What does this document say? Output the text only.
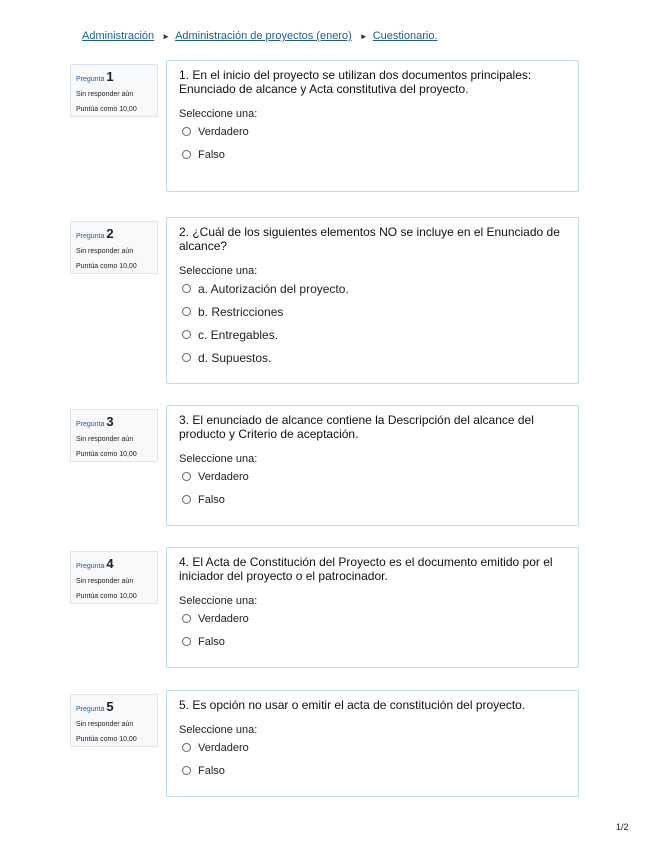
Administración ► Administración de proyectos (enero) ► Cuestionario.
Pregunta 1
Sin responder aún
Puntúa como 10,00
1. En el inicio del proyecto se utilizan dos documentos principales: Enunciado de alcance y Acta constitutiva del proyecto.
Seleccione una:
Verdadero
Falso
Pregunta 2
Sin responder aún
Puntúa como 10,00
2. ¿Cuál de los siguientes elementos NO se incluye en el Enunciado de alcance?
Seleccione una:
a. Autorización del proyecto.
b. Restricciones
c. Entregables.
d. Supuestos.
Pregunta 3
Sin responder aún
Puntúa como 10,00
3. El enunciado de alcance contiene la Descripción del alcance del producto y Criterio de aceptación.
Seleccione una:
Verdadero
Falso
Pregunta 4
Sin responder aún
Puntúa como 10,00
4. El Acta de Constitución del Proyecto es el documento emitido por el iniciador del proyecto o el patrocinador.
Seleccione una:
Verdadero
Falso
Pregunta 5
Sin responder aún
Puntúa como 10,00
5. Es opción no usar o emitir el acta de constitución del proyecto.
Seleccione una:
Verdadero
Falso
1/2
